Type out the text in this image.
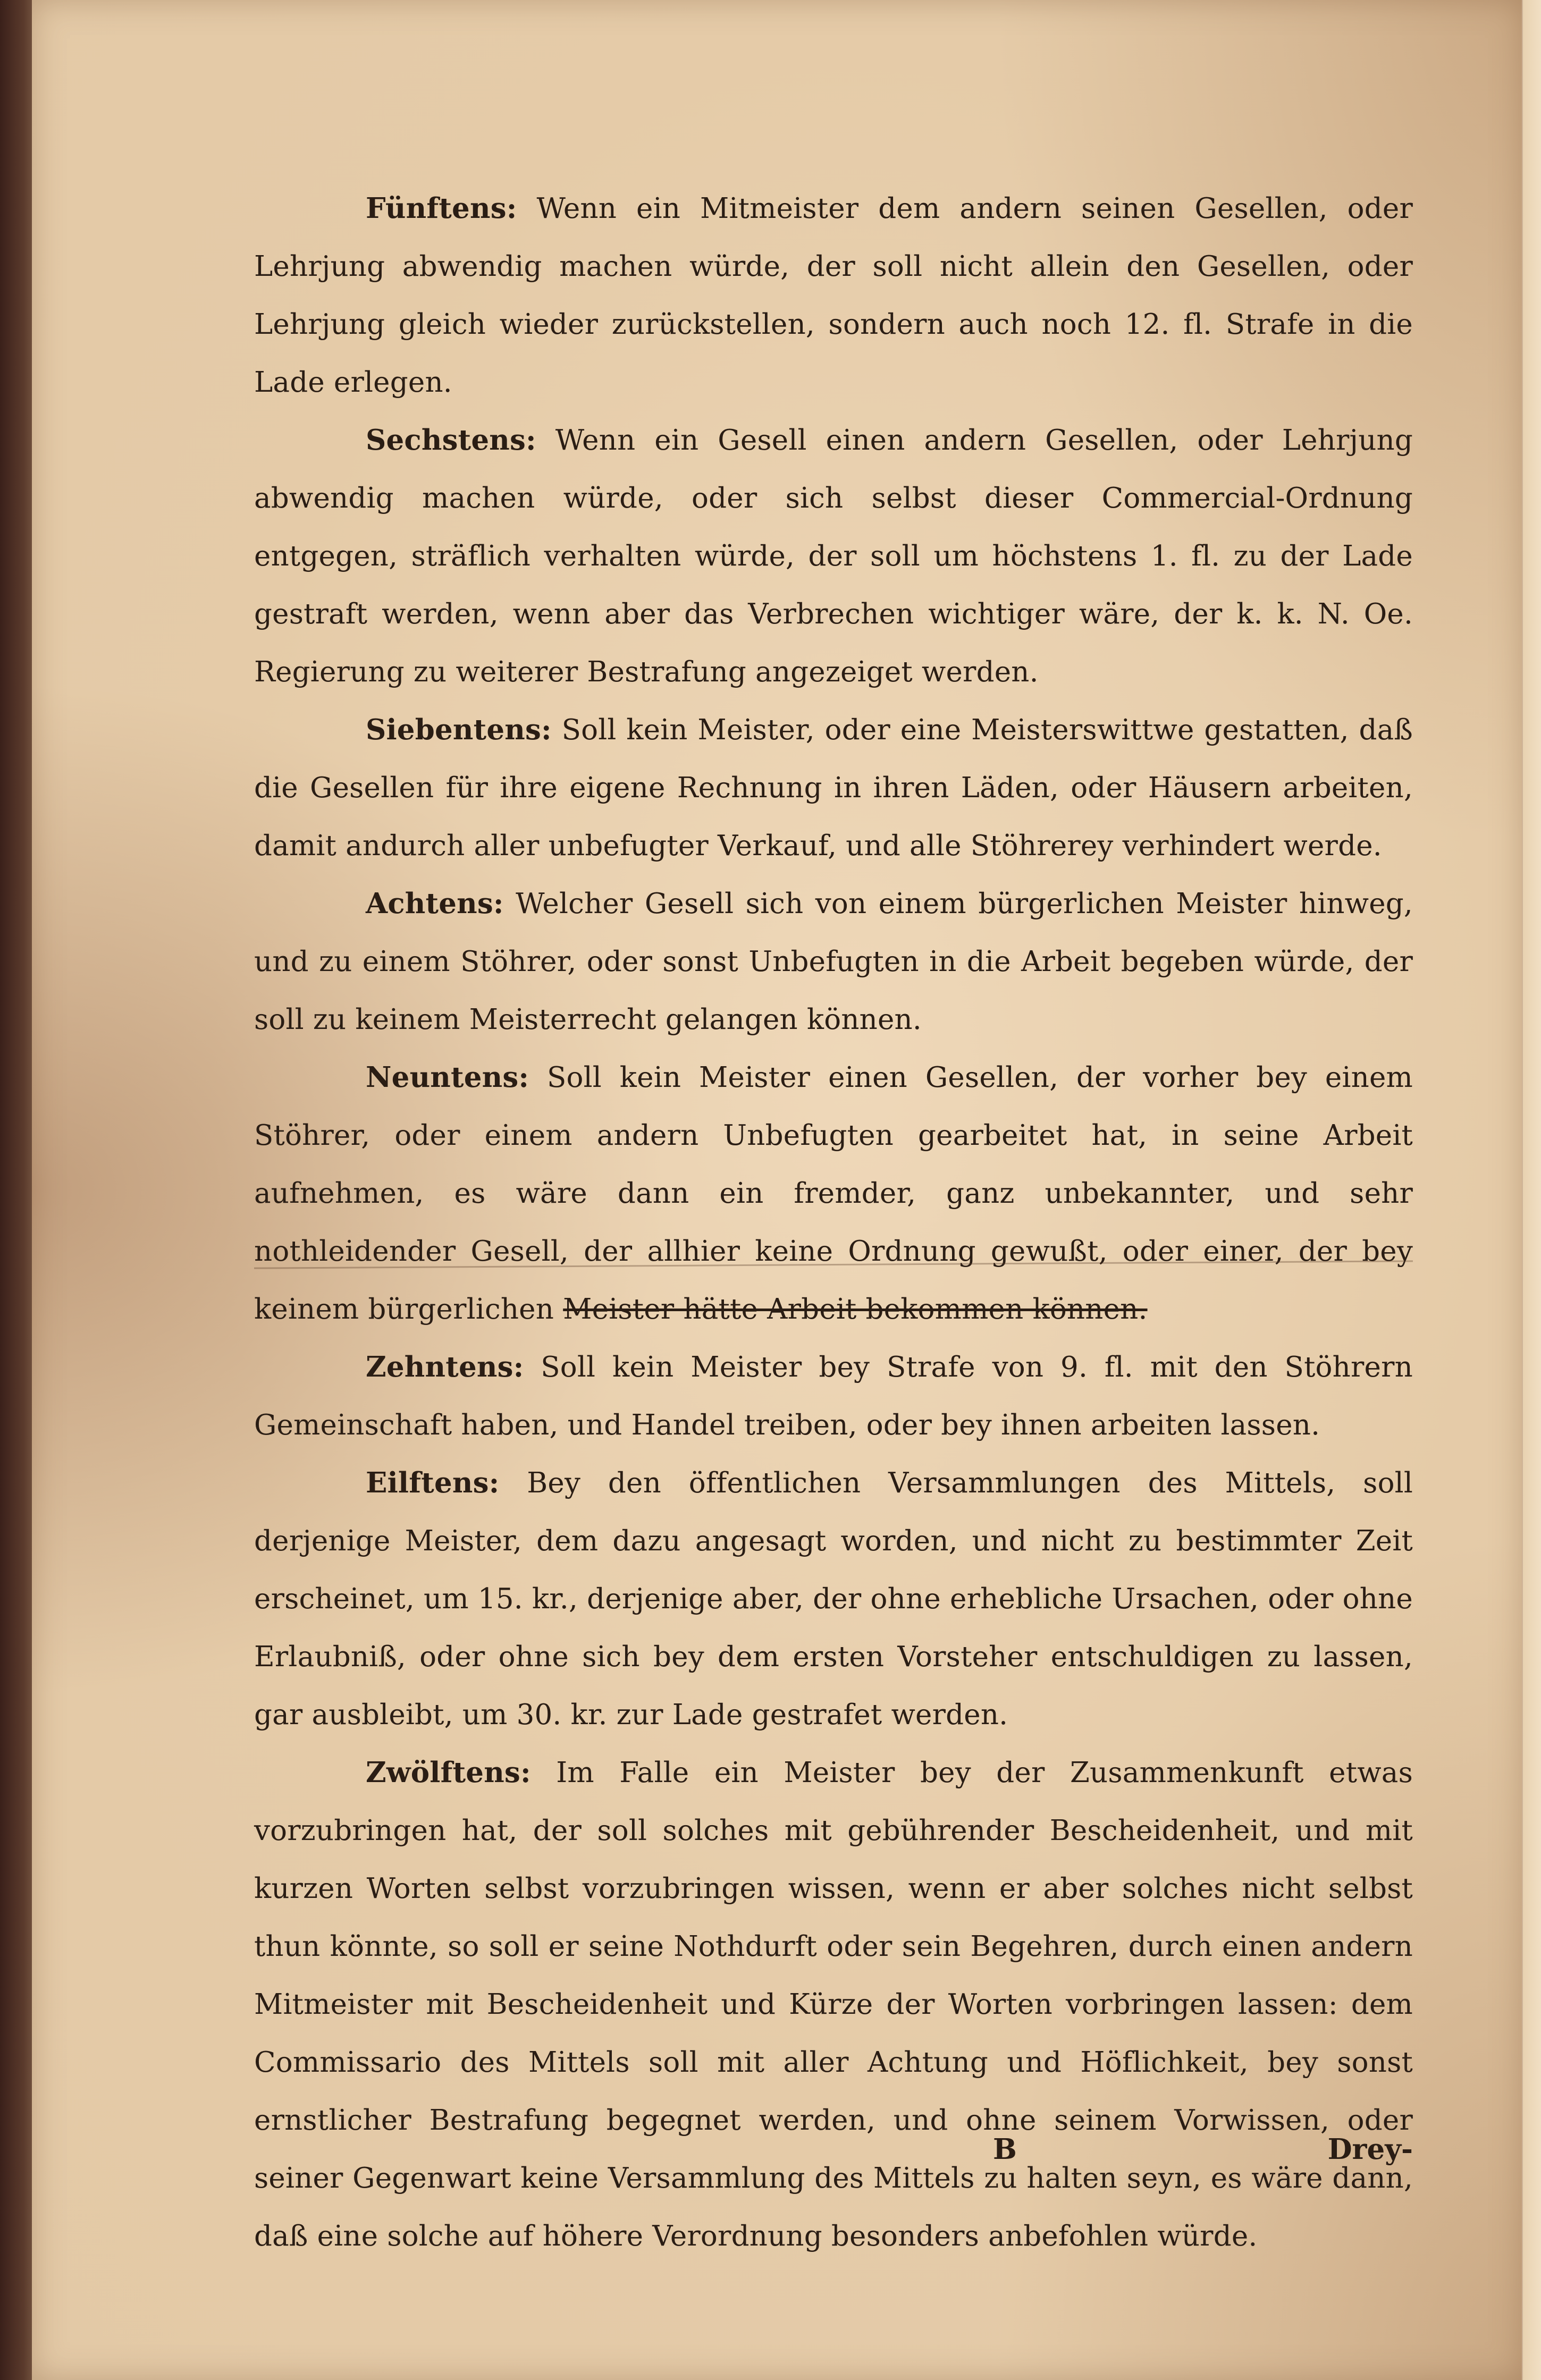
Fünftens: Wenn ein Mitmeister dem andern seinen Gesellen, oder Lehrjung abwendig machen würde, der soll nicht allein den Gesellen, oder Lehrjung gleich wieder zurückstellen, sondern auch noch 12. fl. Strafe in die Lade erlegen.

Sechstens: Wenn ein Gesell einen andern Gesellen, oder Lehrjung abwendig machen würde, oder sich selbst dieser Commercial-Ordnung entgegen, sträflich verhalten würde, der soll um höchstens 1. fl. zu der Lade gestraft werden, wenn aber das Verbrechen wichtiger wäre, der k. k. N. Oe. Regierung zu weiterer Bestrafung angezeiget werden.

Siebentens: Soll kein Meister, oder eine Meisterswittwe gestatten, daß die Gesellen für ihre eigene Rechnung in ihren Läden, oder Häusern arbeiten, damit andurch aller unbefugter Verkauf, und alle Stöhrerey verhindert werde.

Achtens: Welcher Gesell sich von einem bürgerlichen Meister hinweg, und zu einem Stöhrer, oder sonst Unbefugten in die Arbeit begeben würde, der soll zu keinem Meisterrecht gelangen können.

Neuntens: Soll kein Meister einen Gesellen, der vorher bey einem Stöhrer, oder einem andern Unbefugten gearbeitet hat, in seine Arbeit aufnehmen, es wäre dann ein fremder, ganz unbekannter, und sehr nothleidender Gesell, der allhier keine Ordnung gewußt, oder einer, der bey keinem bürgerlichen Meister hätte Arbeit bekommen können.

Zehntens: Soll kein Meister bey Strafe von 9. fl. mit den Stöhrern Gemeinschaft haben, und Handel treiben, oder bey ihnen arbeiten lassen.

Eilftens: Bey den öffentlichen Versammlungen des Mittels, soll derjenige Meister, dem dazu angesagt worden, und nicht zu bestimmter Zeit erscheinet, um 15. kr., derjenige aber, der ohne erhebliche Ursachen, oder ohne Erlaubniß, oder ohne sich bey dem ersten Vorsteher entschuldigen zu lassen, gar ausbleibt, um 30. kr. zur Lade gestrafet werden.

Zwölftens: Im Falle ein Meister bey der Zusammenkunft etwas vorzubringen hat, der soll solches mit gebührender Bescheidenheit, und mit kurzen Worten selbst vorzubringen wissen, wenn er aber solches nicht selbst thun könnte, so soll er seine Nothdurft oder sein Begehren, durch einen andern Mitmeister mit Bescheidenheit und Kürze der Worten vorbringen lassen: dem Commissario des Mittels soll mit aller Achtung und Höflichkeit, bey sonst ernstlicher Bestrafung begegnet werden, und ohne seinem Vorwissen, oder seiner Gegenwart keine Versammlung des Mittels zu halten seyn, es wäre dann, daß eine solche auf höhere Verordnung besonders anbefohlen würde.

B	Drey-
